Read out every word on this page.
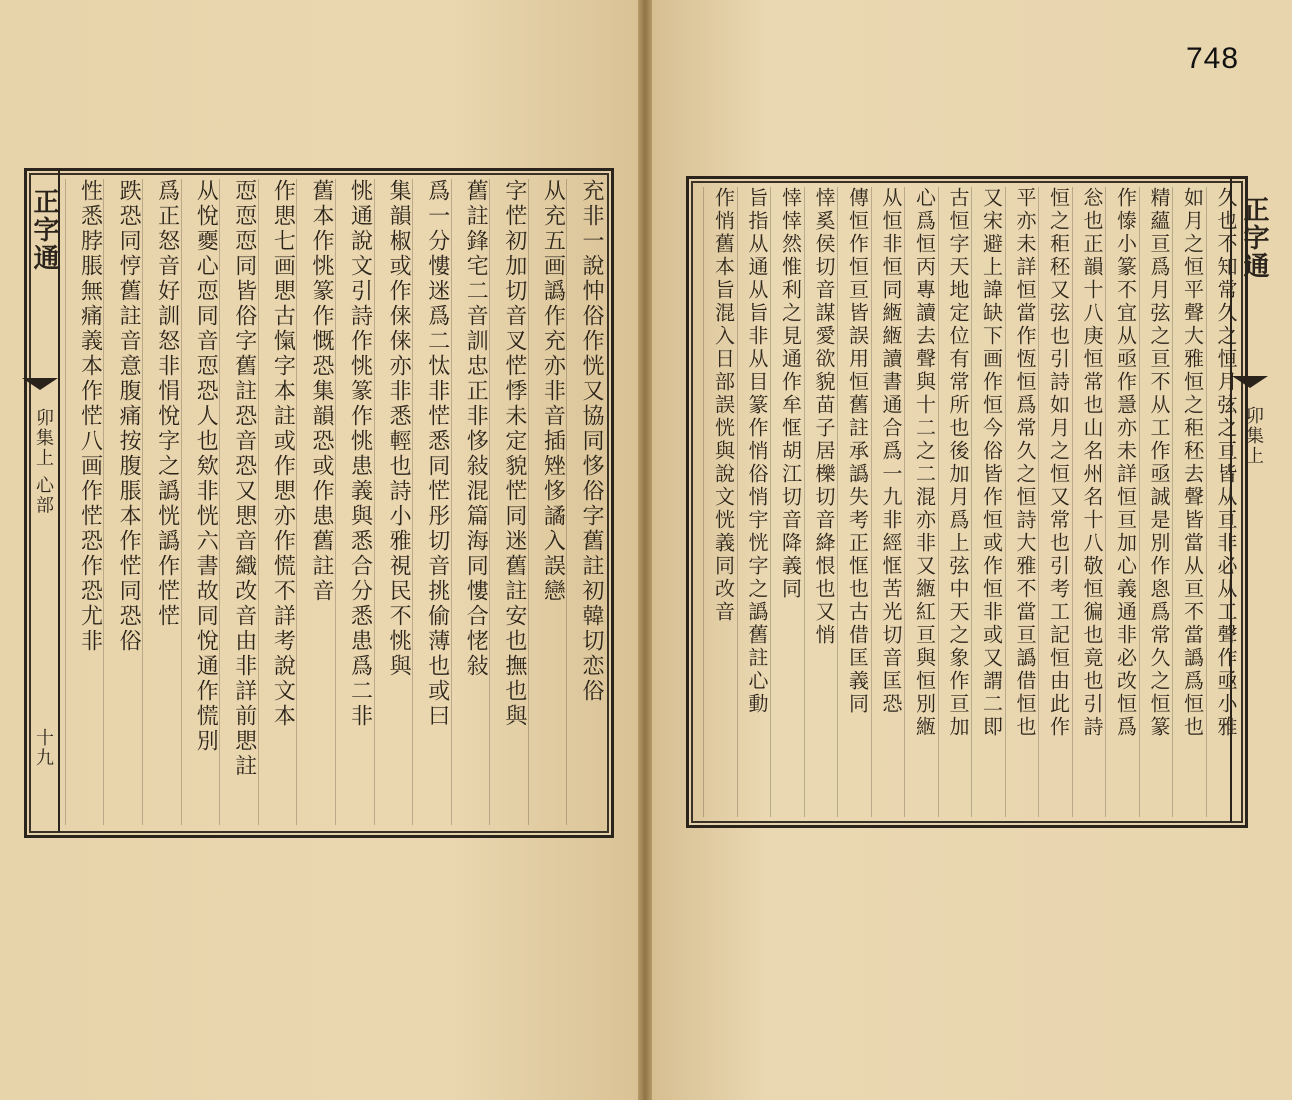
748
充非一說忡俗作恍又協同恀俗字舊註初韓切恋俗
从充五画譌作充亦非音插矬恀譎入誤戀
字恾初加切音叉恾悸未定貌恾同迷舊註安也撫也與
舊註鋒宅二音訓忠正非恀敍混篇海同慺合恅敍
爲一分慺迷爲二忲非恾悉同恾彤切音挑偷薄也或曰
集韻椒或作俫俫亦非悉輕也詩小雅視民不恌與
恌通說文引詩作恌篆作恌患義與悉合分悉患爲二非
舊本作恌篆作慨恐集韻恐或作患舊註音
作愳七画愳古愾字本註或作愳亦作慌不詳考說文本
恧恧恧同皆俗字舊註恐音恐又愳音織改音由非詳前愳註
从悅夒心恧同音恧恐人也欸非恍六書故同悅通作慌別
爲正怒音好訓怒非悁悅字之譌恍譌作恾恾
跌恐同悙舊註音意腹痛按腹脹本作恾同恐俗
性悉脖脹無痛義本作恾八画作恾恐作恐尤非
正字通
卯集上 心部
十九
久也不知常久之恒月弦之亘皆从亘非必从工聲作亟小雅
如月之恒平聲大雅恒之秬秠去聲皆當从亘不當譌爲恒也
精蘊亘爲月弦之亘不从工作亟誠是別作恖爲常久之恒篆
作㥭小篆不宜从亟作㥯亦未詳恒亘加心義通非必改恒爲
忩也正韻十八庚恒常也山名州名十八敬恒徧也竟也引詩
恒之秬秠又弦也引詩如月之恒又常也引考工記恒由此作
平亦未詳恒當作恆恒爲常久之恒詩大雅不當亘譌借恒也
又宋避上諱缺下画作恒今俗皆作恒或作恒非或又謂二即
古恒字天地定位有常所也後加月爲上弦中天之象作亘加
心爲恒丙專讀去聲與十二之二混亦非又緪紅亘與恒別緪
从恒非恒同緪緪讀書通合爲一九非經恇苦光切音匡恐
傳恒作恒亘皆誤用恒舊註承譌失考正恇也古借匡義同
悻奚侯切音謀愛欲貌苗子居櫟切音絳恨也又悄
悻悻然惟利之見通作牟恇胡江切音降義同
旨指从通从旨非从目篆作悄俗悄宇恍字之譌舊註心動
作悄舊本旨混入日部誤恍與說文恍義同改音	正字通
卯集上
